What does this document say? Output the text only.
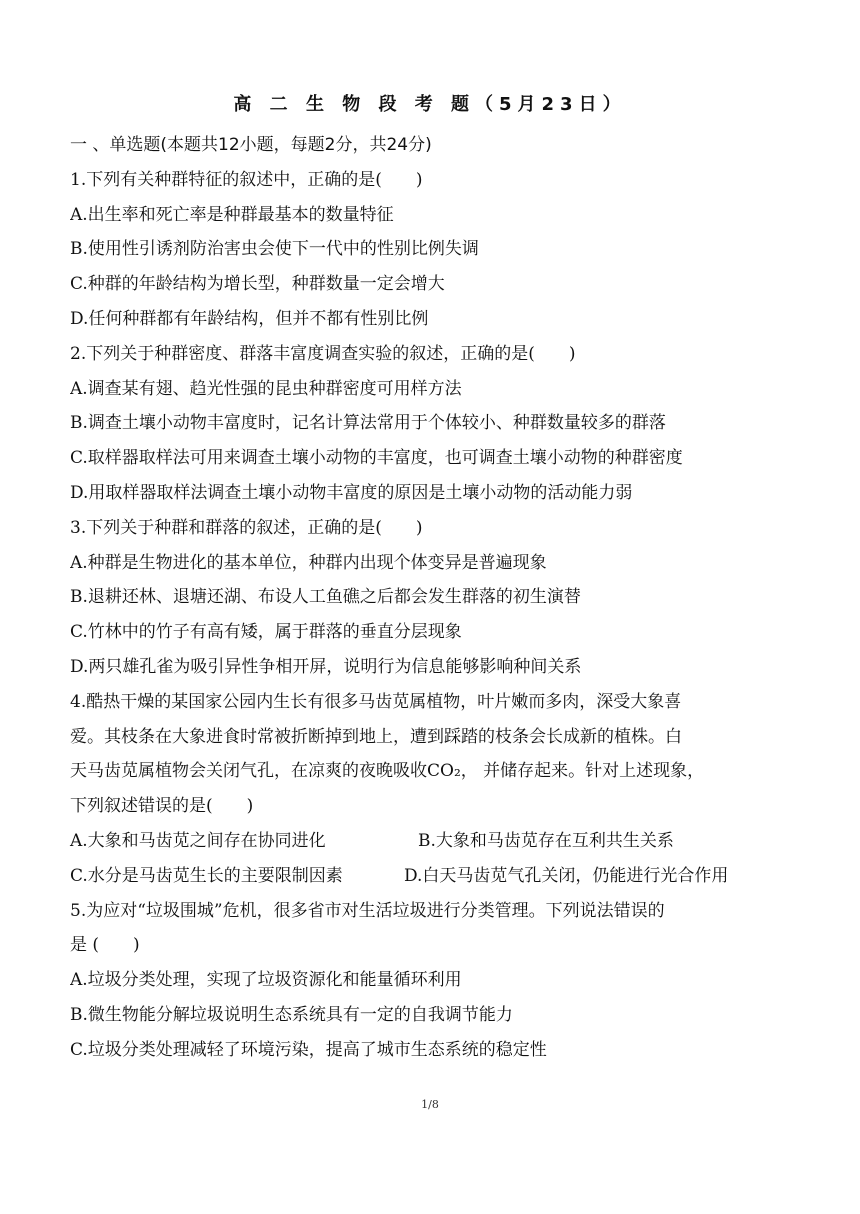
高 二 生 物 段 考 题（5月23日）
一 、单选题(本题共12小题，每题2分，共24分)
1.下列有关种群特征的叙述中，正确的是(　　)
A.出生率和死亡率是种群最基本的数量特征
B.使用性引诱剂防治害虫会使下一代中的性别比例失调
C.种群的年龄结构为增长型，种群数量一定会增大
D.任何种群都有年龄结构，但并不都有性别比例
2.下列关于种群密度、群落丰富度调查实验的叙述，正确的是(　　)
A.调查某有翅、趋光性强的昆虫种群密度可用样方法
B.调查土壤小动物丰富度时，记名计算法常用于个体较小、种群数量较多的群落
C.取样器取样法可用来调查土壤小动物的丰富度，也可调查土壤小动物的种群密度
D.用取样器取样法调查土壤小动物丰富度的原因是土壤小动物的活动能力弱
3.下列关于种群和群落的叙述，正确的是(　　)
A.种群是生物进化的基本单位，种群内出现个体变异是普遍现象
B.退耕还林、退塘还湖、布设人工鱼礁之后都会发生群落的初生演替
C.竹林中的竹子有高有矮，属于群落的垂直分层现象
D.两只雄孔雀为吸引异性争相开屏，说明行为信息能够影响种间关系
4.酷热干燥的某国家公园内生长有很多马齿苋属植物，叶片嫩而多肉，深受大象喜
爱。其枝条在大象进食时常被折断掉到地上，遭到踩踏的枝条会长成新的植株。白
天马齿苋属植物会关闭气孔，在凉爽的夜晚吸收CO₂， 并储存起来。针对上述现象，
下列叙述错误的是(　　)
A.大象和马齿苋之间存在协同进化	B.大象和马齿苋存在互利共生关系
C.水分是马齿苋生长的主要限制因素	D.白天马齿苋气孔关闭，仍能进行光合作用
5.为应对“垃圾围城”危机，很多省市对生活垃圾进行分类管理。下列说法错误的
是 (　　)
A.垃圾分类处理，实现了垃圾资源化和能量循环利用
B.微生物能分解垃圾说明生态系统具有一定的自我调节能力
C.垃圾分类处理减轻了环境污染，提高了城市生态系统的稳定性
1/8
